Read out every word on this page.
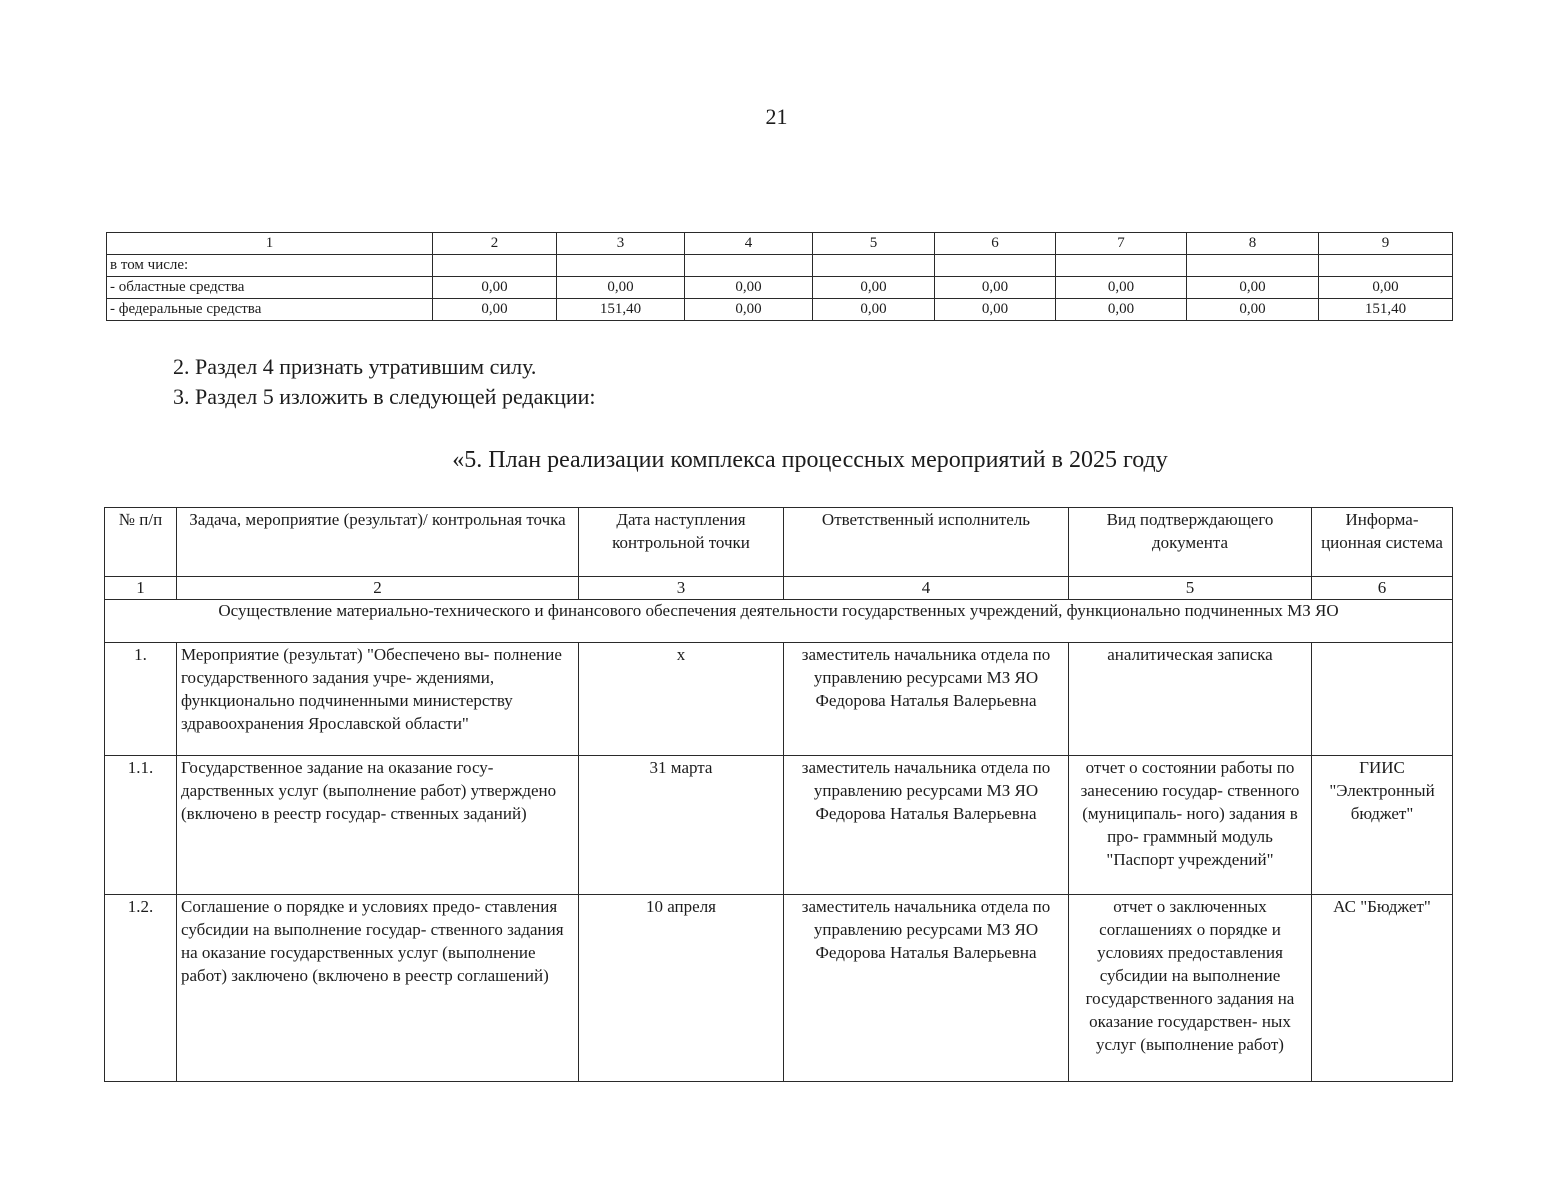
21
1	2	3	4	5	6	7	8	9
в том числе:								
- областные средства	0,00	0,00	0,00	0,00	0,00	0,00	0,00	0,00
- федеральные средства	0,00	151,40	0,00	0,00	0,00	0,00	0,00	151,40
2. Раздел 4 признать утратившим силу.
3. Раздел 5 изложить в следующей редакции:
«5. План реализации комплекса процессных мероприятий в 2025 году
№ п/п	Задача, мероприятие (результат)/ контрольная точка	Дата наступления контрольной точки	Ответственный исполнитель	Вид подтверждающего документа	Информа- ционная система
1	2	3	4	5	6
Осуществление материально-технического и финансового обеспечения деятельности государственных учреждений, функционально подчиненных МЗ ЯО					
1.	Мероприятие (результат) "Обеспечено вы- полнение государственного задания учре- ждениями, функционально подчиненными министерству здравоохранения Ярославской области"	х	заместитель начальника отдела по управлению ресурсами МЗ ЯО Федорова Наталья Валерьевна	аналитическая записка	
1.1.	Государственное задание на оказание госу- дарственных услуг (выполнение работ) утверждено (включено в реестр государ- ственных заданий)	31 марта	заместитель начальника отдела по управлению ресурсами МЗ ЯО Федорова Наталья Валерьевна	отчет о состоянии работы по занесению государ- ственного (муниципаль- ного) задания в про- граммный модуль "Паспорт учреждений"	ГИИС "Электронный бюджет"
1.2.	Соглашение о порядке и условиях предо- ставления субсидии на выполнение государ- ственного задания на оказание государственных услуг (выполнение работ) заключено (включено в реестр соглашений)	10 апреля	заместитель начальника отдела по управлению ресурсами МЗ ЯО Федорова Наталья Валерьевна	отчет о заключенных соглашениях о порядке и условиях предоставления субсидии на выполнение государственного задания на оказание государствен- ных услуг (выполнение работ)	АС "Бюджет"
